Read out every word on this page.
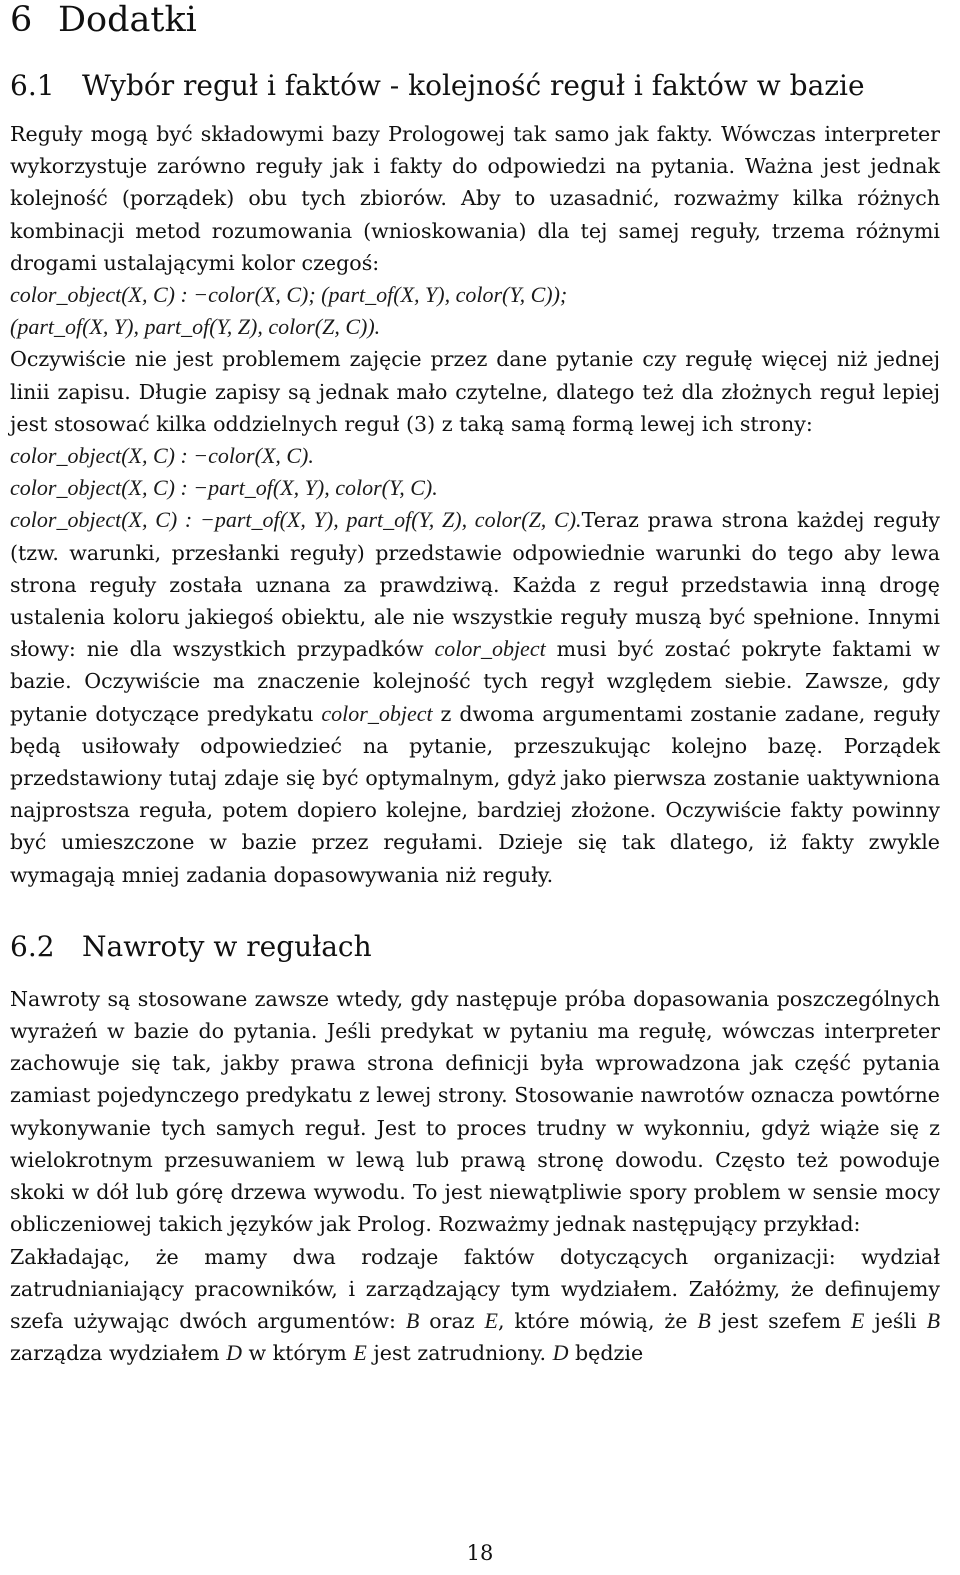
6 Dodatki
6.1 Wybór reguł i faktów - kolejność reguł i faktów w bazie

Reguły mogą być składowymi bazy Prologowej tak samo jak fakty. Wówczas interpreter wykorzystuje zarówno reguły jak i fakty do odpowiedzi na pytania. Ważna jest jednak kolejność (porządek) obu tych zbiorów. Aby to uzasadnić, rozważmy kilka różnych kombinacji metod rozumowania (wnioskowania) dla tej samej reguły, trzema różnymi drogami ustalającymi kolor czegoś:
color_object(X, C) : −color(X, C); (part_of(X, Y), color(Y, C));
(part_of(X, Y), part_of(Y, Z), color(Z, C)).
Oczywiście nie jest problemem zajęcie przez dane pytanie czy regułę więcej niż jednej linii zapisu. Długie zapisy są jednak mało czytelne, dlatego też dla złożnych reguł lepiej jest stosować kilka oddzielnych reguł (3) z taką samą formą lewej ich strony:
color_object(X, C) : −color(X, C).
color_object(X, C) : −part_of(X, Y), color(Y, C).
color_object(X, C) : −part_of(X, Y), part_of(Y, Z), color(Z, C).Teraz prawa strona każdej reguły (tzw. warunki, przesłanki reguły) przedstawie odpowiednie warunki do tego aby lewa strona reguły została uznana za prawdziwą. Każda z reguł przedstawia inną drogę ustalenia koloru jakiegoś obiektu, ale nie wszystkie reguły muszą być spełnione. Innymi słowy: nie dla wszystkich przypadków color_object musi być zostać pokryte faktami w bazie. Oczywiście ma znaczenie kolejność tych regył względem siebie. Zawsze, gdy pytanie dotyczące predykatu color_object z dwoma argumentami zostanie zadane, reguły będą usiłowały odpowiedzieć na pytanie, przeszukując kolejno bazę. Porządek przedstawiony tutaj zdaje się być optymalnym, gdyż jako pierwsza zostanie uaktywniona najprostsza reguła, potem dopiero kolejne, bardziej złożone. Oczywiście fakty powinny być umieszczone w bazie przez regułami. Dzieje się tak dlatego, iż fakty zwykle wymagają mniej zadania dopasowywania niż reguły.

6.2 Nawroty w regułach

Nawroty są stosowane zawsze wtedy, gdy następuje próba dopasowania poszczególnych wyrażeń w bazie do pytania. Jeśli predykat w pytaniu ma regułę, wówczas interpreter zachowuje się tak, jakby prawa strona definicji była wprowadzona jak część pytania zamiast pojedynczego predykatu z lewej strony. Stosowanie nawrotów oznacza powtórne wykonywanie tych samych reguł. Jest to proces trudny w wykonniu, gdyż wiąże się z wielokrotnym przesuwaniem w lewą lub prawą stronę dowodu. Często też powoduje skoki w dół lub górę drzewa wywodu. To jest niewątpliwie spory problem w sensie mocy obliczeniowej takich języków jak Prolog. Rozważmy jednak następujący przykład:

Zakładając, że mamy dwa rodzaje faktów dotyczących organizacji: wydział zatrudnianiający pracowników, i zarządzający tym wydziałem. Załóżmy, że definujemy szefa używając dwóch argumentów: B oraz E, które mówią, że B jest szefem E jeśli B zarządza wydziałem D w którym E jest zatrudniony. D będzie

18
